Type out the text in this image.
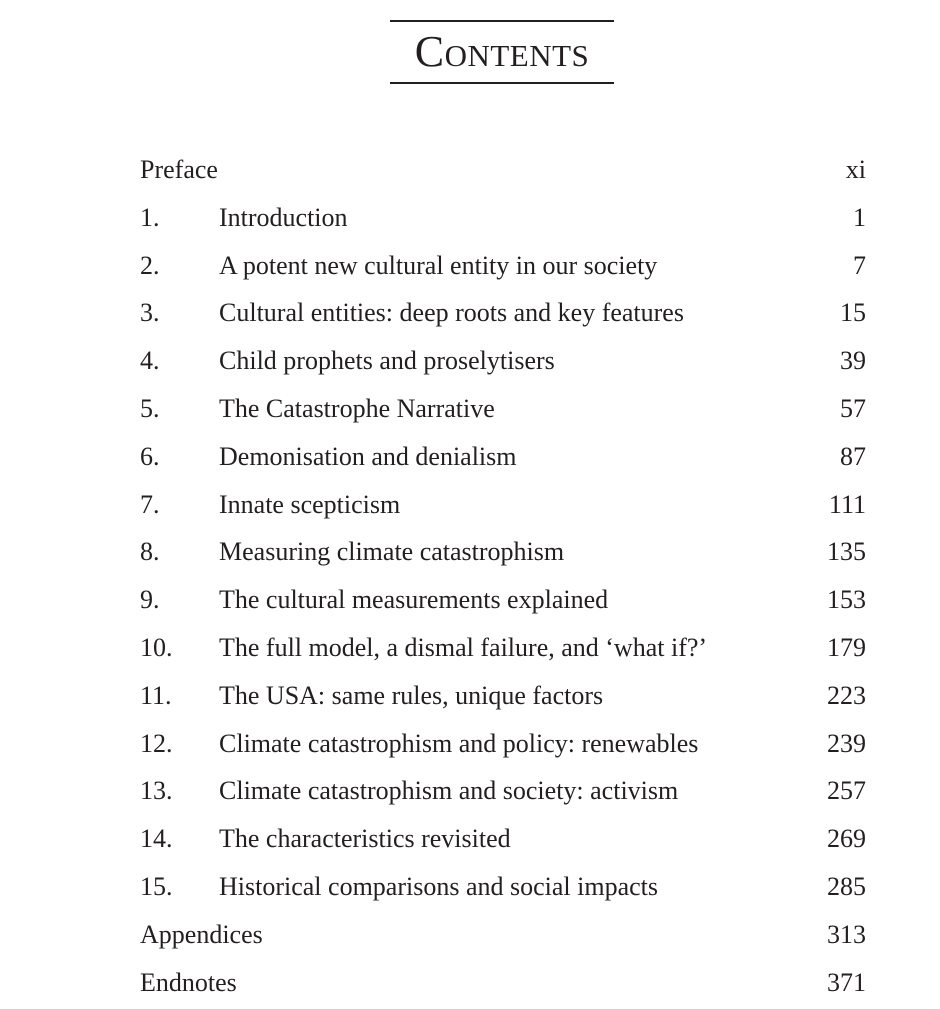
Contents
Preface	xi
1. Introduction	1
2. A potent new cultural entity in our society	7
3. Cultural entities: deep roots and key features	15
4. Child prophets and proselytisers	39
5. The Catastrophe Narrative	57
6. Demonisation and denialism	87
7. Innate scepticism	111
8. Measuring climate catastrophism	135
9. The cultural measurements explained	153
10. The full model, a dismal failure, and ‘what if?’	179
11. The USA: same rules, unique factors	223
12. Climate catastrophism and policy: renewables	239
13. Climate catastrophism and society: activism	257
14. The characteristics revisited	269
15. Historical comparisons and social impacts	285
Appendices	313
Endnotes	371
